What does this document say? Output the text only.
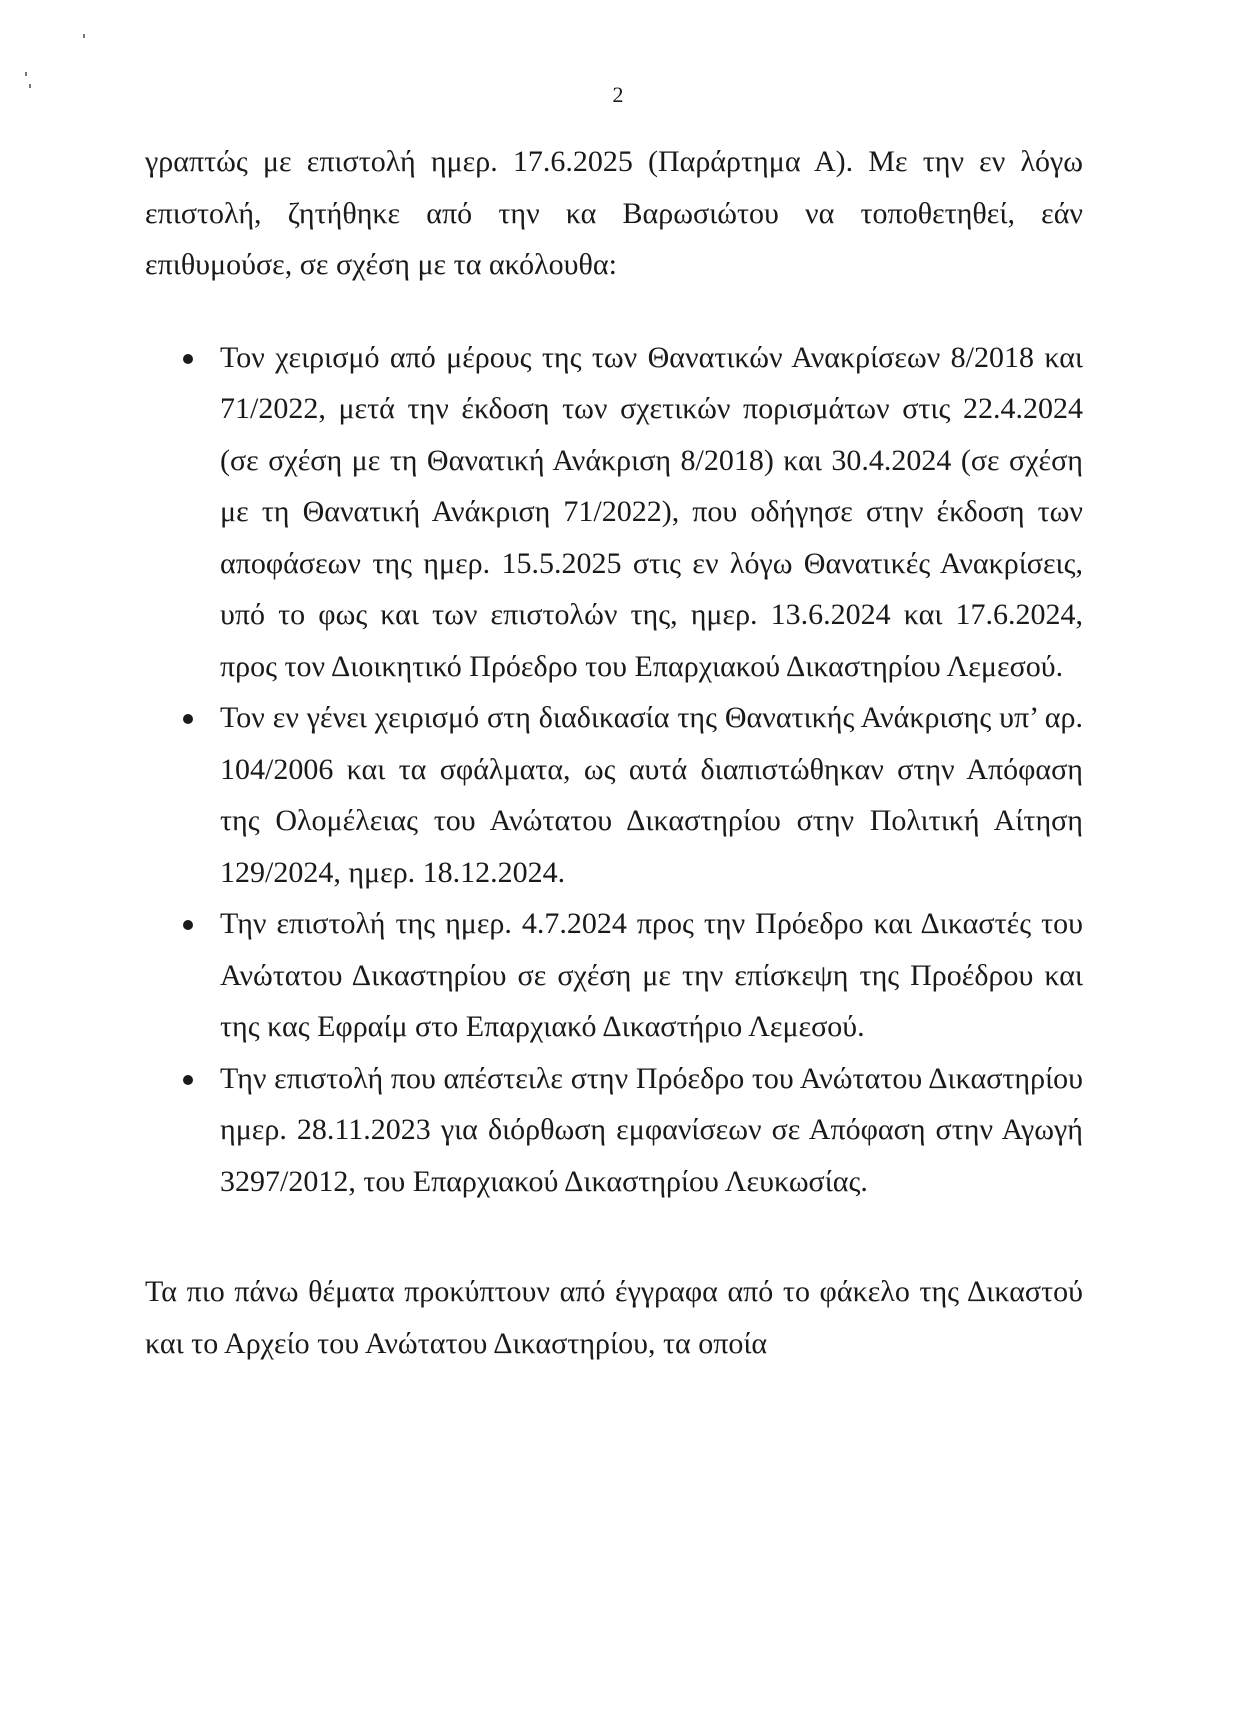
2

γραπτώς με επιστολή ημερ. 17.6.2025 (Παράρτημα Α). Με την εν λόγω επιστολή, ζητήθηκε από την κα Βαρωσιώτου να τοποθετηθεί, εάν επιθυμούσε, σε σχέση με τα ακόλουθα:

Τον χειρισμό από μέρους της των Θανατικών Ανακρίσεων 8/2018 και 71/2022, μετά την έκδοση των σχετικών πορισμάτων στις 22.4.2024 (σε σχέση με τη Θανατική Ανάκριση 8/2018) και 30.4.2024 (σε σχέση με τη Θανατική Ανάκριση 71/2022), που οδήγησε στην έκδοση των αποφάσεων της ημερ. 15.5.2025 στις εν λόγω Θανατικές Ανακρίσεις, υπό το φως και των επιστολών της, ημερ. 13.6.2024 και 17.6.2024, προς τον Διοικητικό Πρόεδρο του Επαρχιακού Δικαστηρίου Λεμεσού.
Τον εν γένει χειρισμό στη διαδικασία της Θανατικής Ανάκρισης υπ’ αρ. 104/2006 και τα σφάλματα, ως αυτά διαπιστώθηκαν στην Απόφαση της Ολομέλειας του Ανώτατου Δικαστηρίου στην Πολιτική Αίτηση 129/2024, ημερ. 18.12.2024.
Την επιστολή της ημερ. 4.7.2024 προς την Πρόεδρο και Δικαστές του Ανώτατου Δικαστηρίου σε σχέση με την επίσκεψη της Προέδρου και της κας Εφραίμ στο Επαρχιακό Δικαστήριο Λεμεσού.
Την επιστολή που απέστειλε στην Πρόεδρο του Ανώτατου Δικαστηρίου ημερ. 28.11.2023 για διόρθωση εμφανίσεων σε Απόφαση στην Αγωγή 3297/2012, του Επαρχιακού Δικαστηρίου Λευκωσίας.

Τα πιο πάνω θέματα προκύπτουν από έγγραφα από το φάκελο της Δικαστού και το Αρχείο του Ανώτατου Δικαστηρίου, τα οποία
